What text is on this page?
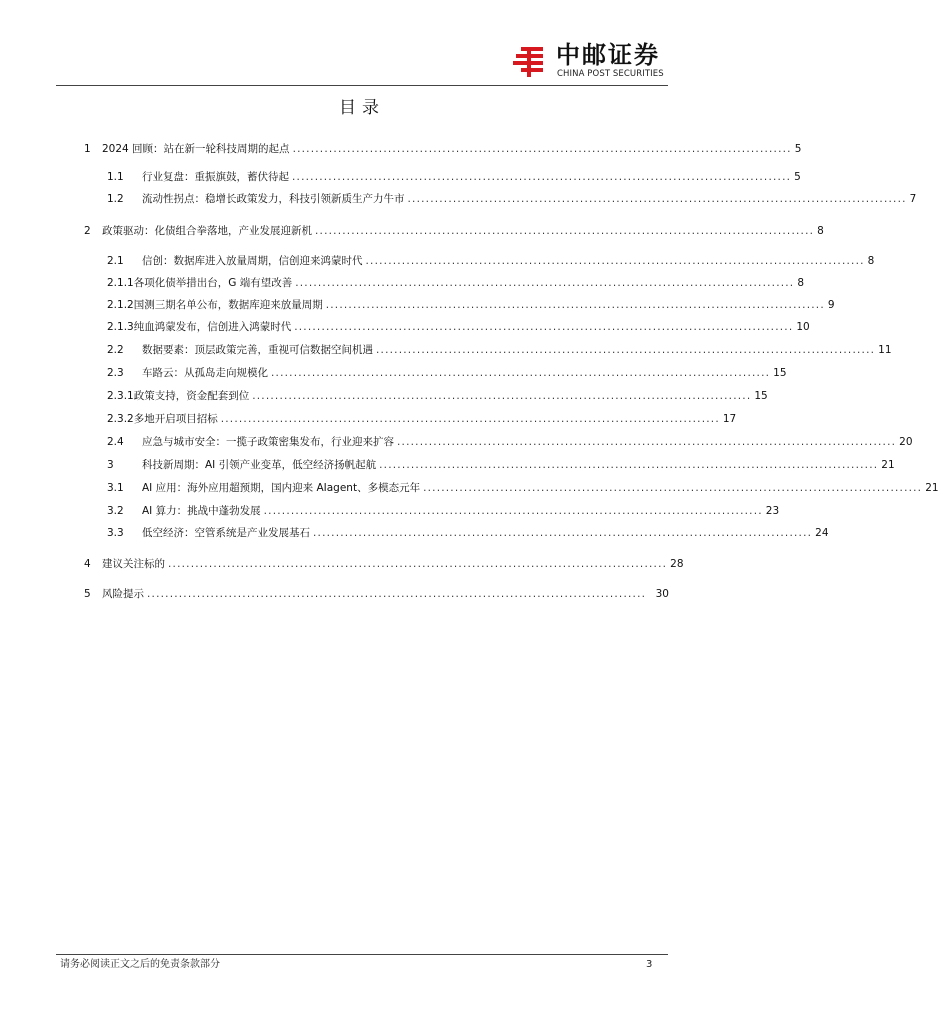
中邮证券
CHINA POST SECURITIES
目录
1	2024 回顾：站在新一轮科技周期的起点 .............................................................................................................. 5
1.1	行业复盘：重振旗鼓，蓄伏待起 .............................................................................................................. 5
1.2	流动性拐点：稳增长政策发力，科技引领新质生产力牛市 .............................................................................................................. 7
2	政策驱动：化债组合拳落地，产业发展迎新机 .............................................................................................................. 8
2.1	信创：数据库进入放量周期，信创迎来鸿蒙时代 .............................................................................................................. 8
2.1.1 各项化债举措出台，G 端有望改善 .............................................................................................................. 8
2.1.2 国测三期名单公布，数据库迎来放量周期 .............................................................................................................. 9
2.1.3 纯血鸿蒙发布，信创进入鸿蒙时代 .............................................................................................................. 10
2.2	数据要素：顶层政策完善，重视可信数据空间机遇 .............................................................................................................. 11
2.3	车路云：从孤岛走向规模化 .............................................................................................................. 15
2.3.1 政策支持，资金配套到位 .............................................................................................................. 15
2.3.2 多地开启项目招标 .............................................................................................................. 17
2.4	应急与城市安全：一揽子政策密集发布，行业迎来扩容 .............................................................................................................. 20
3	科技新周期：AI 引领产业变革，低空经济扬帆起航 .............................................................................................................. 21
3.1	AI 应用：海外应用超预期，国内迎来 AIagent、多模态元年 .............................................................................................................. 21
3.2	AI 算力：挑战中蓬勃发展 .............................................................................................................. 23
3.3	低空经济：空管系统是产业发展基石 .............................................................................................................. 24
4	建议关注标的 .............................................................................................................. 28
5	风险提示 .............................................................................................................. 30
请务必阅读正文之后的免责条款部分	3
